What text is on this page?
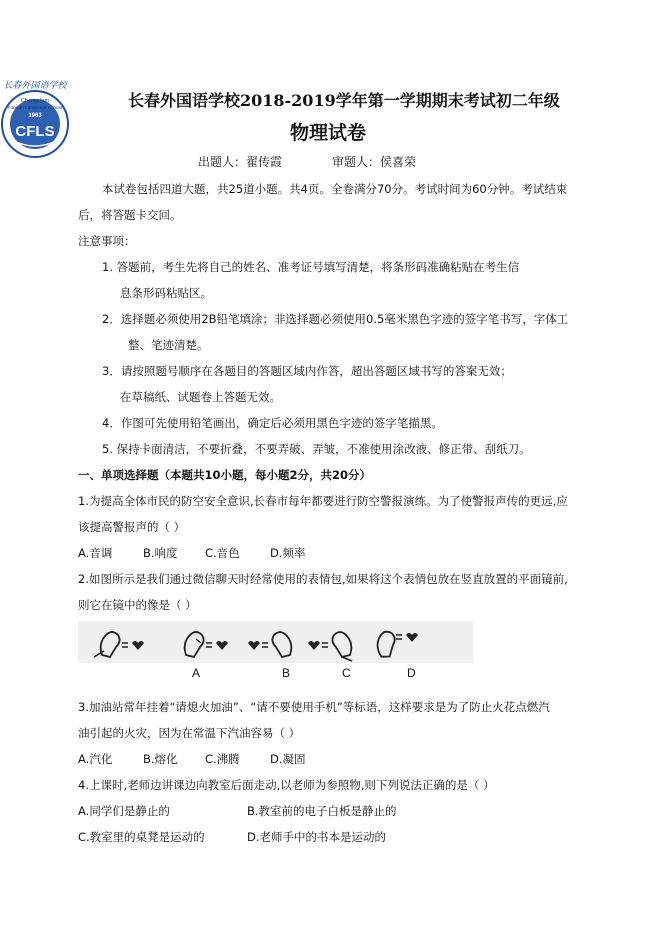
长春外国语学校
Changchun
Foreign Language School
1963
CFLS
长春外国语学校2018-2019学年第一学期期末考试初二年级
物理试卷
出题人：翟传霞	审题人：侯喜荣
本试卷包括四道大题，共25道小题。共4页。全卷满分70分。考试时间为60分钟。考试结束
后，将答题卡交回。
注意事项：
1. 答题前，考生先将自己的姓名、准考证号填写清楚，将条形码准确粘贴在考生信
息条形码粘贴区。
2．选择题必须使用2B铅笔填涂；非选择题必须使用0.5毫米黑色字迹的签字笔书写，字体工
整、笔迹清楚。
3．请按照题号顺序在各题目的答题区域内作答，超出答题区域书写的答案无效；
在草稿纸、试题卷上答题无效。
4．作图可先使用铅笔画出，确定后必须用黑色字迹的签字笔描黑。
5. 保持卡面清洁，不要折叠，不要弄破、弄皱，不准使用涂改液、修正带、刮纸刀。
一、单项选择题（本题共10小题，每小题2分，共20分）
1.为提高全体市民的防空安全意识,长春市每年都要进行防空警报演练。为了使警报声传的更远,应
该提高警报声的（ ）
A.音调	B.响度 C.音色	D.频率
2.如图所示是我们通过微信聊天时经常使用的表情包,如果将这个表情包放在竖直放置的平面镜前,
则它在镜中的像是（ ）
A	B	C	D
3.加油站常年挂着“请熄火加油”、“请不要使用手机”等标语，这样要求是为了防止火花点燃汽
油引起的火灾，因为在常温下汽油容易（ ）
A.汽化	B.熔化 C.沸腾	D.凝固
4.上课时,老师边讲课边向教室后面走动,以老师为参照物,则下列说法正确的是（ ）
A.同学们是静止的	B.教室前的电子白板是静止的
C.教室里的桌凳是运动的	D.老师手中的书本是运动的
